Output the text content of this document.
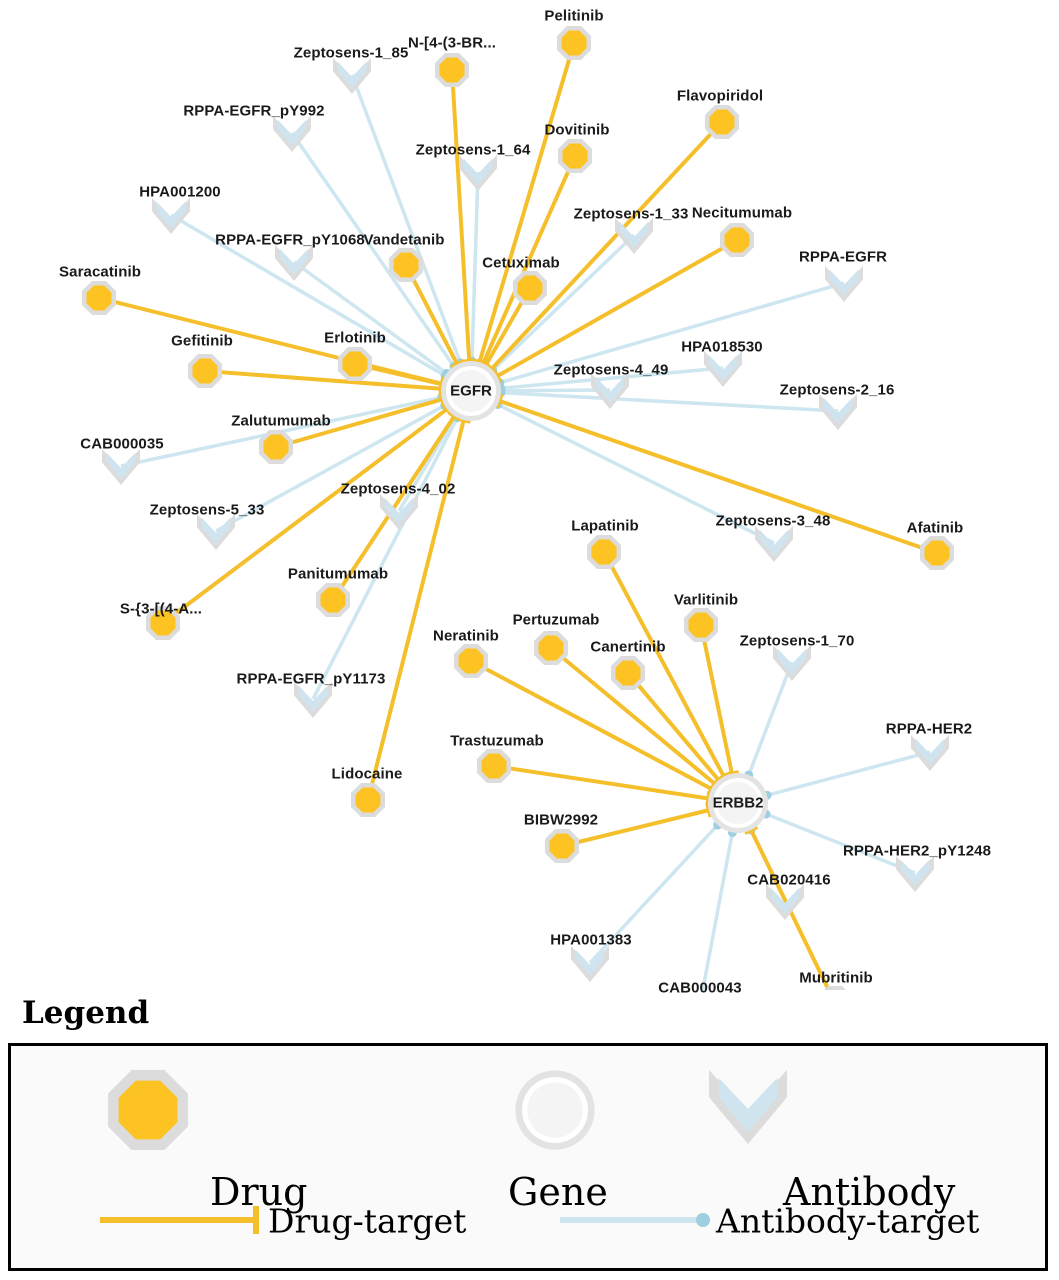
Zeptosens-1_85
RPPA-EGFR_pY992
Zeptosens-1_64
HPA001200
Zeptosens-1_33
RPPA-EGFR_pY1068
RPPA-EGFR
HPA018530
Zeptosens-4_49
Zeptosens-2_16
CAB000035
Zeptosens-4_02
Zeptosens-5_33
Zeptosens-3_48
Zeptosens-1_70
RPPA-EGFR_pY1173
RPPA-HER2
RPPA-HER2_pY1248
CAB020416
HPA001383
CAB000043
Pelitinib
N-[4-(3-BR...
Flavopiridol
Dovitinib
Necitumumab
Vandetanib
Cetuximab
Saracatinib
Erlotinib
Gefitinib
Zalutumumab
Afatinib
Lapatinib
Panitumumab
S-{3-[(4-A...
Varlitinib
Pertuzumab
Neratinib
Canertinib
Trastuzumab
Lidocaine
BIBW2992
Mubritinib
EGFR
ERBB2
Legend
Drug	Gene	Antibody
Drug-target	Antibody-target
